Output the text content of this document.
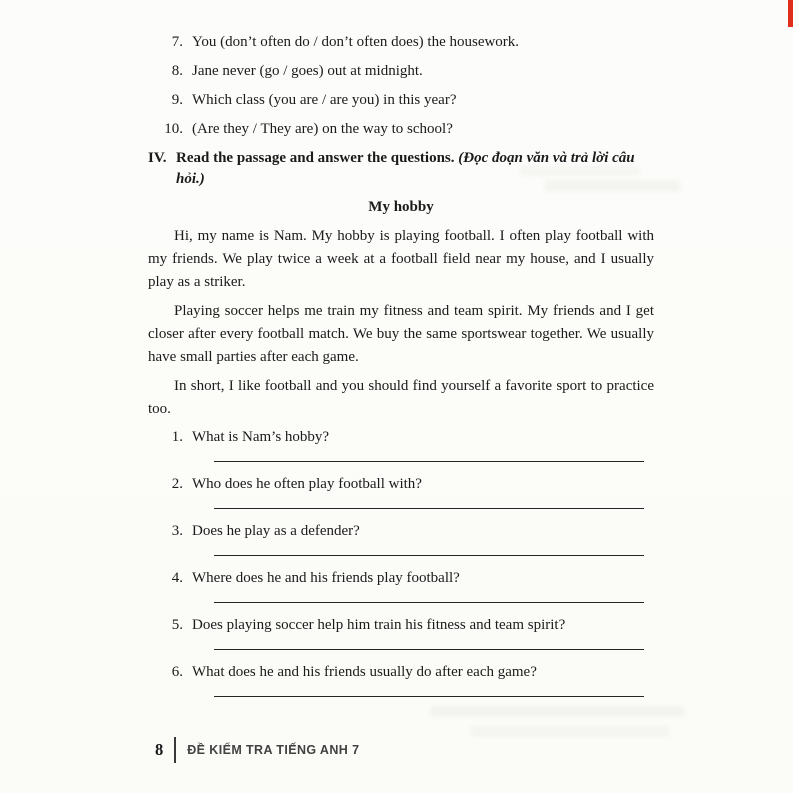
7. You (don’t often do / don’t often does) the housework.
8. Jane never (go / goes) out at midnight.
9. Which class (you are / are you) in this year?
10. (Are they / They are) on the way to school?
IV. Read the passage and answer the questions. (Đọc đoạn văn và trả lời câu hỏi.)
My hobby

Hi, my name is Nam. My hobby is playing football. I often play football with my friends. We play twice a week at a football field near my house, and I usually play as a striker.

Playing soccer helps me train my fitness and team spirit. My friends and I get closer after every football match. We buy the same sportswear together. We usually have small parties after each game.

In short, I like football and you should find yourself a favorite sport to practice too.

1. What is Nam’s hobby?
2. Who does he often play football with?
3. Does he play as a defender?
4. Where does he and his friends play football?
5. Does playing soccer help him train his fitness and team spirit?
6. What does he and his friends usually do after each game?
8 ĐỀ KIỂM TRA TIẾNG ANH 7
